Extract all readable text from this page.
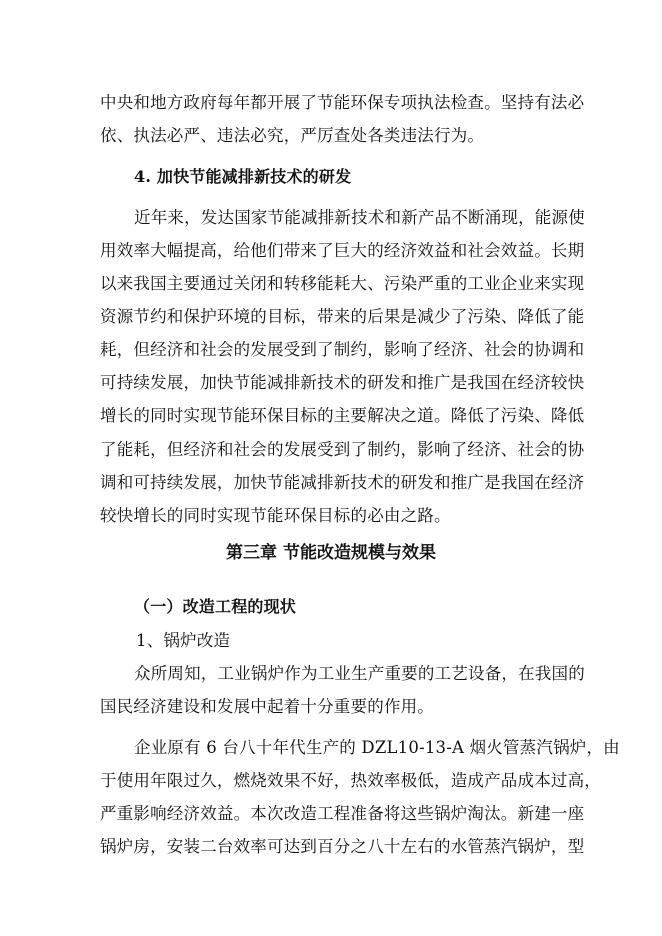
中央和地方政府每年都开展了节能环保专项执法检查。坚持有法必
依、执法必严、违法必究，严厉查处各类违法行为。
4. 加快节能减排新技术的研发
近年来，发达国家节能减排新技术和新产品不断涌现，能源使
用效率大幅提高，给他们带来了巨大的经济效益和社会效益。长期
以来我国主要通过关闭和转移能耗大、污染严重的工业企业来实现
资源节约和保护环境的目标，带来的后果是减少了污染、降低了能
耗，但经济和社会的发展受到了制约，影响了经济、社会的协调和
可持续发展，加快节能减排新技术的研发和推广是我国在经济较快
增长的同时实现节能环保目标的主要解决之道。降低了污染、降低
了能耗，但经济和社会的发展受到了制约，影响了经济、社会的协
调和可持续发展，加快节能减排新技术的研发和推广是我国在经济
较快增长的同时实现节能环保目标的必由之路。
第三章 节能改造规模与效果
（一）改造工程的现状
1、锅炉改造
众所周知，工业锅炉作为工业生产重要的工艺设备，在我国的
国民经济建设和发展中起着十分重要的作用。
企业原有 6 台八十年代生产的 DZL10-13-A 烟火管蒸汽锅炉，由
于使用年限过久，燃烧效果不好，热效率极低，造成产品成本过高，
严重影响经济效益。本次改造工程准备将这些锅炉淘汰。新建一座
锅炉房，安装二台效率可达到百分之八十左右的水管蒸汽锅炉，型
